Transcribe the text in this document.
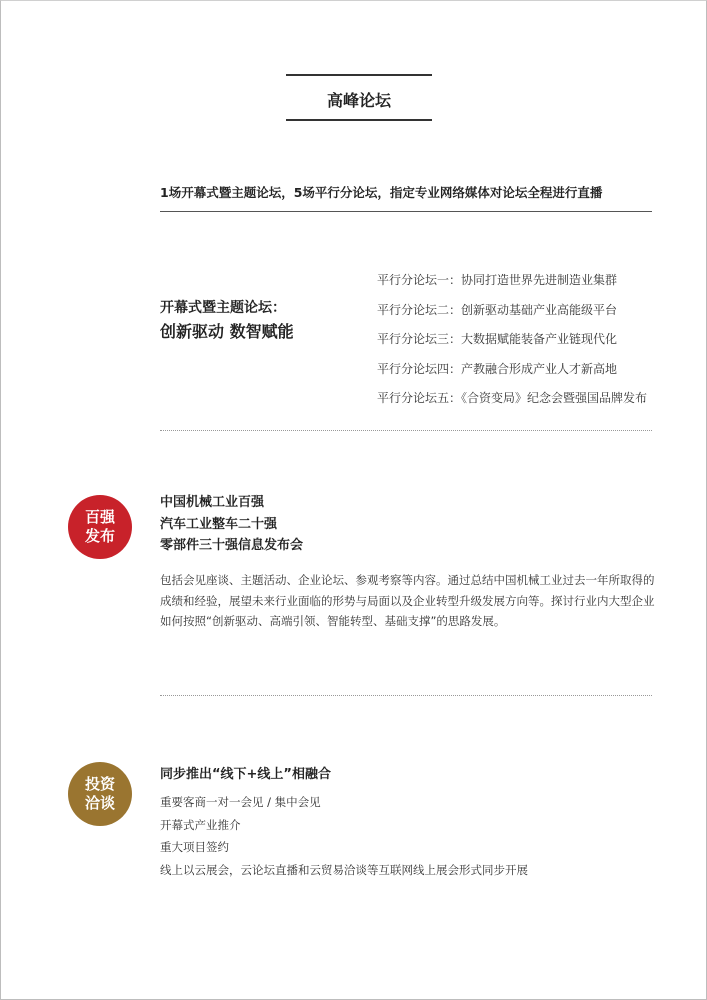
高峰论坛
1场开幕式暨主题论坛，5场平行分论坛，指定专业网络媒体对论坛全程进行直播
开幕式暨主题论坛：
创新驱动 数智赋能
平行分论坛一：协同打造世界先进制造业集群
平行分论坛二：创新驱动基础产业高能级平台
平行分论坛三：大数据赋能装备产业链现代化
平行分论坛四：产教融合形成产业人才新高地
平行分论坛五：《合资变局》纪念会暨强国品牌发布
百强
发布
中国机械工业百强
汽车工业整车二十强
零部件三十强信息发布会
包括会见座谈、主题活动、企业论坛、参观考察等内容。通过总结中国机械工业过去一年所取得的成绩和经验，展望未来行业面临的形势与局面以及企业转型升级发展方向等。探讨行业内大型企业如何按照“创新驱动、高端引领、智能转型、基础支撑”的思路发展。
投资
洽谈
同步推出“线下+线上”相融合
重要客商一对一会见 / 集中会见
开幕式产业推介
重大项目签约
线上以云展会，云论坛直播和云贸易洽谈等互联网线上展会形式同步开展
